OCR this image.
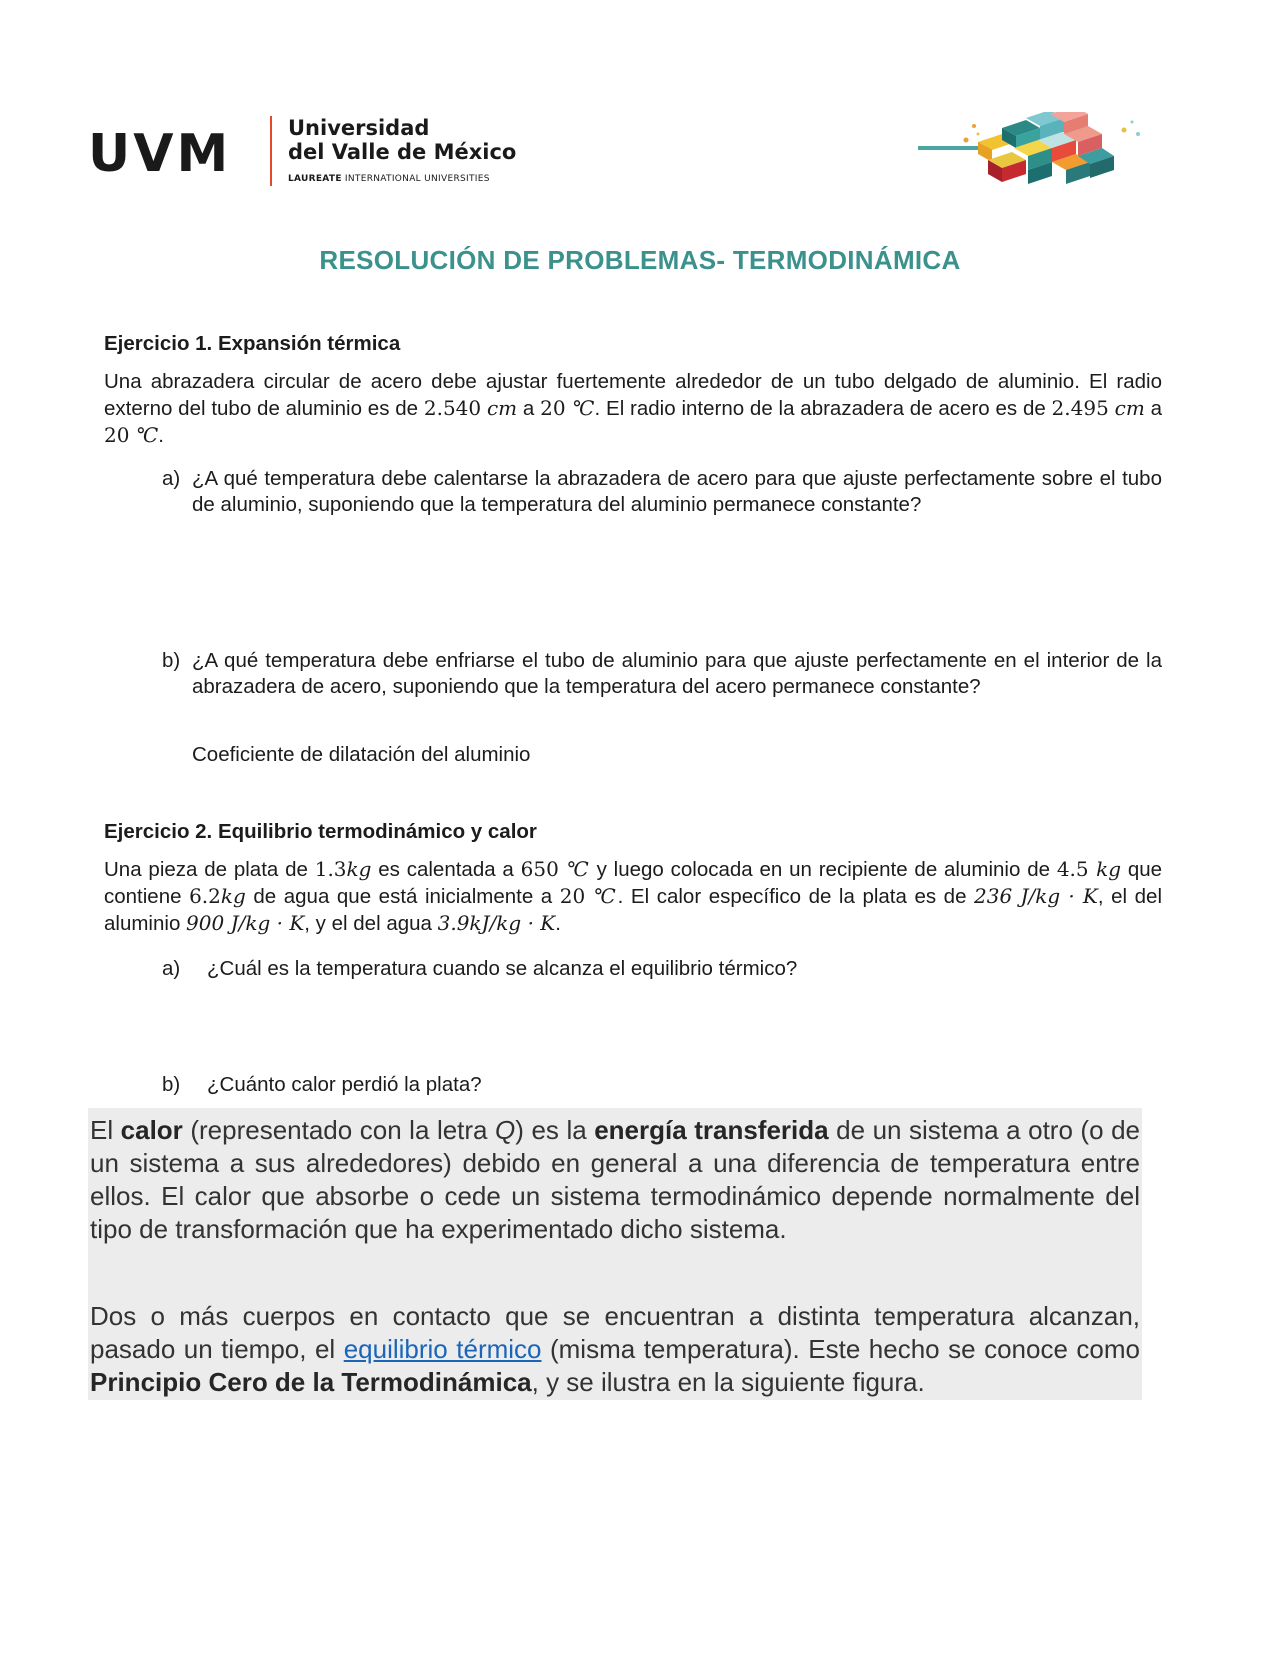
UVM	Universidad
del Valle de México
LAUREATE INTERNATIONAL UNIVERSITIES
RESOLUCIÓN DE PROBLEMAS- TERMODINÁMICA
Ejercicio 1. Expansión térmica
Una abrazadera circular de acero debe ajustar fuertemente alrededor de un tubo delgado de aluminio. El radio externo del tubo de aluminio es de 2.540 cm a 20 ℃. El radio interno de la abrazadera de acero es de 2.495 cm a 20 ℃.
a) ¿A qué temperatura debe calentarse la abrazadera de acero para que ajuste perfectamente sobre el tubo de aluminio, suponiendo que la temperatura del aluminio permanece constante?
b) ¿A qué temperatura debe enfriarse el tubo de aluminio para que ajuste perfectamente en el interior de la abrazadera de acero, suponiendo que la temperatura del acero permanece constante?
Coeficiente de dilatación del aluminio
Ejercicio 2. Equilibrio termodinámico y calor
Una pieza de plata de 1.3kg es calentada a 650 ℃ y luego colocada en un recipiente de aluminio de 4.5 kg que contiene 6.2kg de agua que está inicialmente a 20 ℃. El calor específico de la plata es de 236 J/kg · K, el del aluminio 900 J/kg · K, y el del agua 3.9kJ/kg · K.
a) ¿Cuál es la temperatura cuando se alcanza el equilibrio térmico?
b) ¿Cuánto calor perdió la plata?
El calor (representado con la letra Q) es la energía transferida de un sistema a otro (o de un sistema a sus alrededores) debido en general a una diferencia de temperatura entre ellos. El calor que absorbe o cede un sistema termodinámico depende normalmente del tipo de transformación que ha experimentado dicho sistema.
Dos o más cuerpos en contacto que se encuentran a distinta temperatura alcanzan, pasado un tiempo, el equilibrio térmico (misma temperatura). Este hecho se conoce como Principio Cero de la Termodinámica, y se ilustra en la siguiente figura.
